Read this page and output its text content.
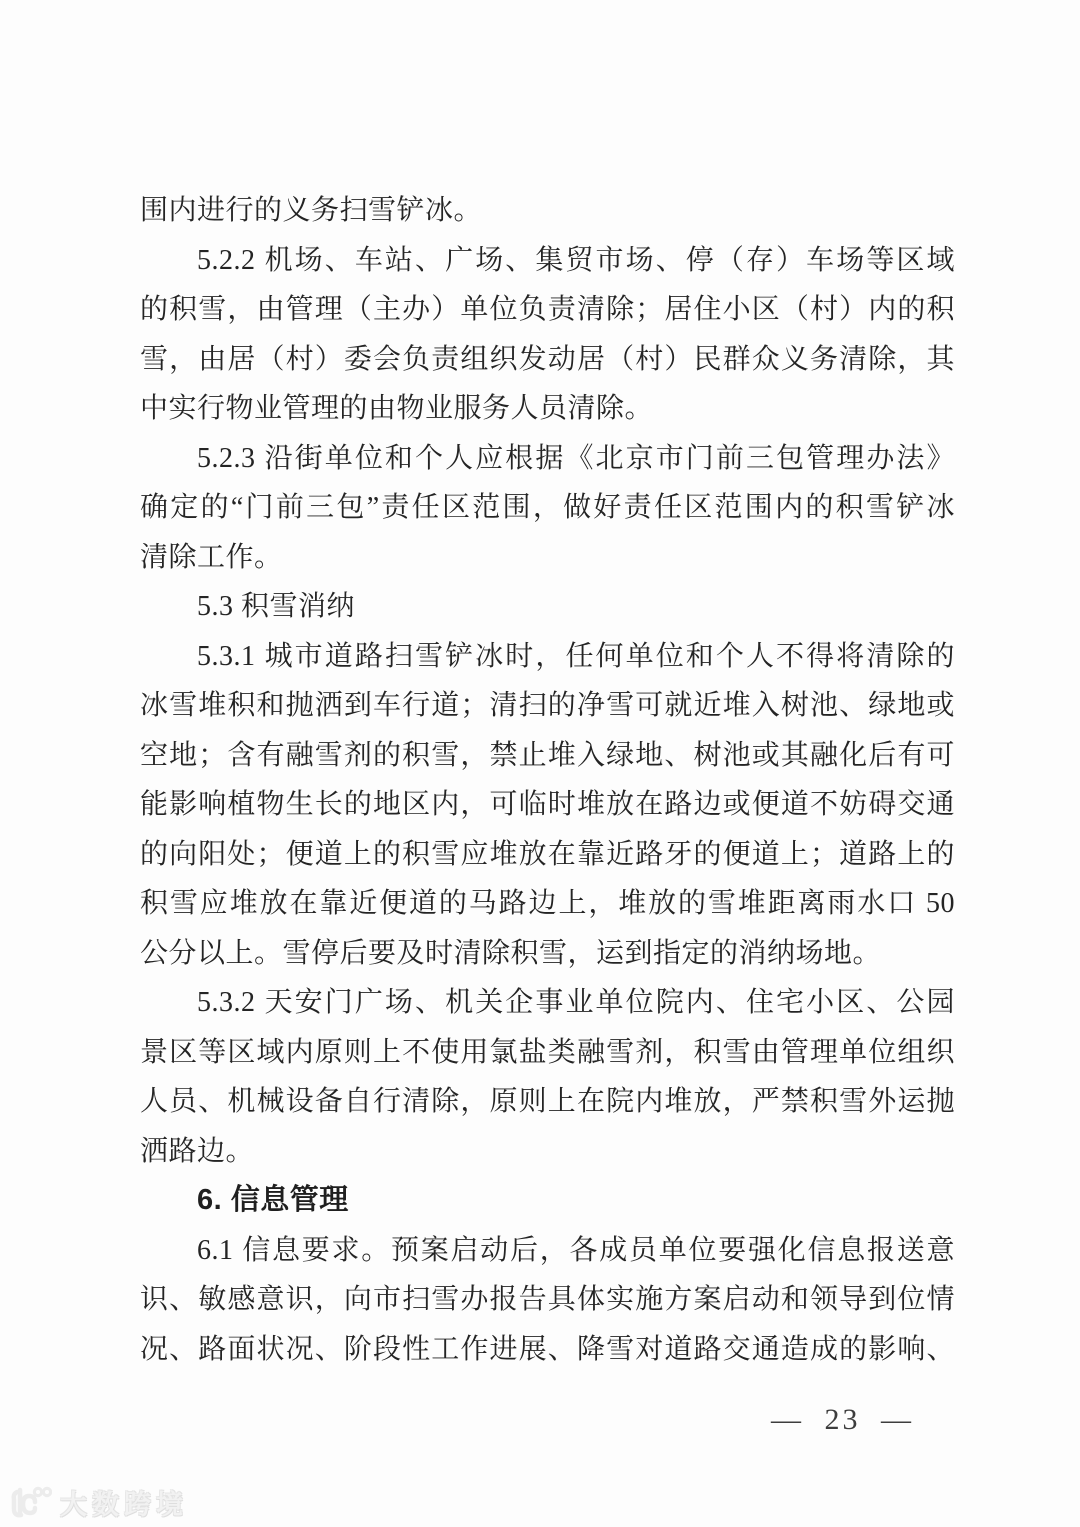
围内进行的义务扫雪铲冰。

5.2.2 机场、车站、广场、集贸市场、停（存）车场等区域

的积雪，由管理（主办）单位负责清除；居住小区（村）内的积

雪，由居（村）委会负责组织发动居（村）民群众义务清除，其

中实行物业管理的由物业服务人员清除。

5.2.3 沿街单位和个人应根据《北京市门前三包管理办法》

确定的“门前三包”责任区范围，做好责任区范围内的积雪铲冰

清除工作。

5.3 积雪消纳

5.3.1 城市道路扫雪铲冰时，任何单位和个人不得将清除的

冰雪堆积和抛洒到车行道；清扫的净雪可就近堆入树池、绿地或

空地；含有融雪剂的积雪，禁止堆入绿地、树池或其融化后有可

能影响植物生长的地区内，可临时堆放在路边或便道不妨碍交通

的向阳处；便道上的积雪应堆放在靠近路牙的便道上；道路上的

积雪应堆放在靠近便道的马路边上，堆放的雪堆距离雨水口 50

公分以上。雪停后要及时清除积雪，运到指定的消纳场地。

5.3.2 天安门广场、机关企事业单位院内、住宅小区、公园

景区等区域内原则上不使用氯盐类融雪剂，积雪由管理单位组织

人员、机械设备自行清除，原则上在院内堆放，严禁积雪外运抛

洒路边。

6. 信息管理

6.1 信息要求。预案启动后，各成员单位要强化信息报送意

识、敏感意识，向市扫雪办报告具体实施方案启动和领导到位情

况、路面状况、阶段性工作进展、降雪对道路交通造成的影响、

— 23 —
大数跨境
